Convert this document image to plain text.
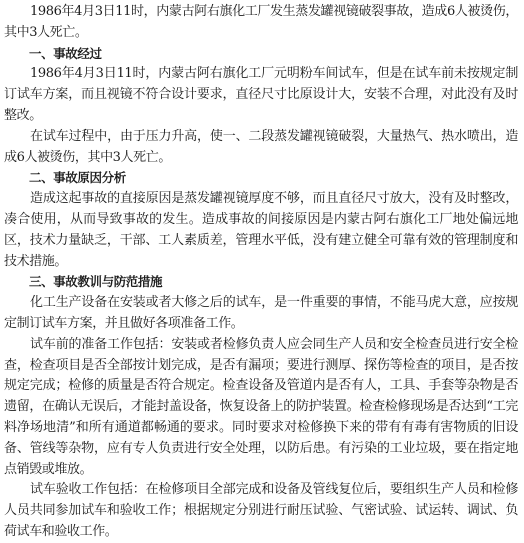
1986年4月3日11时，内蒙古阿右旗化工厂发生蒸发罐视镜破裂事故，造成6人被烫伤，其中3人死亡。

一、事故经过

1986年4月3日11时，内蒙古阿右旗化工厂元明粉车间试车，但是在试车前未按规定制订试车方案，而且视镜不符合设计要求，直径尺寸比原设计大，安装不合理，对此没有及时整改。

在试车过程中，由于压力升高，使一、二段蒸发罐视镜破裂，大量热气、热水喷出，造成6人被烫伤，其中3人死亡。

二、事故原因分析

造成这起事故的直接原因是蒸发罐视镜厚度不够，而且直径尺寸放大，没有及时整改，凑合使用，从而导致事故的发生。造成事故的间接原因是内蒙古阿右旗化工厂地处偏远地区，技术力量缺乏，干部、工人素质差，管理水平低，没有建立健全可靠有效的管理制度和技术措施。

三、事故教训与防范措施

化工生产设备在安装或者大修之后的试车，是一件重要的事情，不能马虎大意，应按规定制订试车方案，并且做好各项准备工作。

试车前的准备工作包括：安装或者检修负责人应会同生产人员和安全检查员进行安全检查，检查项目是否全部按计划完成，是否有漏项；要进行测厚、探伤等检查的项目，是否按规定完成；检修的质量是否符合规定。检查设备及管道内是否有人，工具、手套等杂物是否遗留，在确认无误后，才能封盖设备，恢复设备上的防护装置。检查检修现场是否达到“工完料净场地清”和所有通道都畅通的要求。同时要求对检修换下来的带有有毒有害物质的旧设备、管线等杂物，应有专人负责进行安全处理，以防后患。有污染的工业垃圾，要在指定地点销毁或堆放。

试车验收工作包括：在检修项目全部完成和设备及管线复位后，要组织生产人员和检修人员共同参加试车和验收工作；根据规定分别进行耐压试验、气密试验、试运转、调试、负荷试车和验收工作。
